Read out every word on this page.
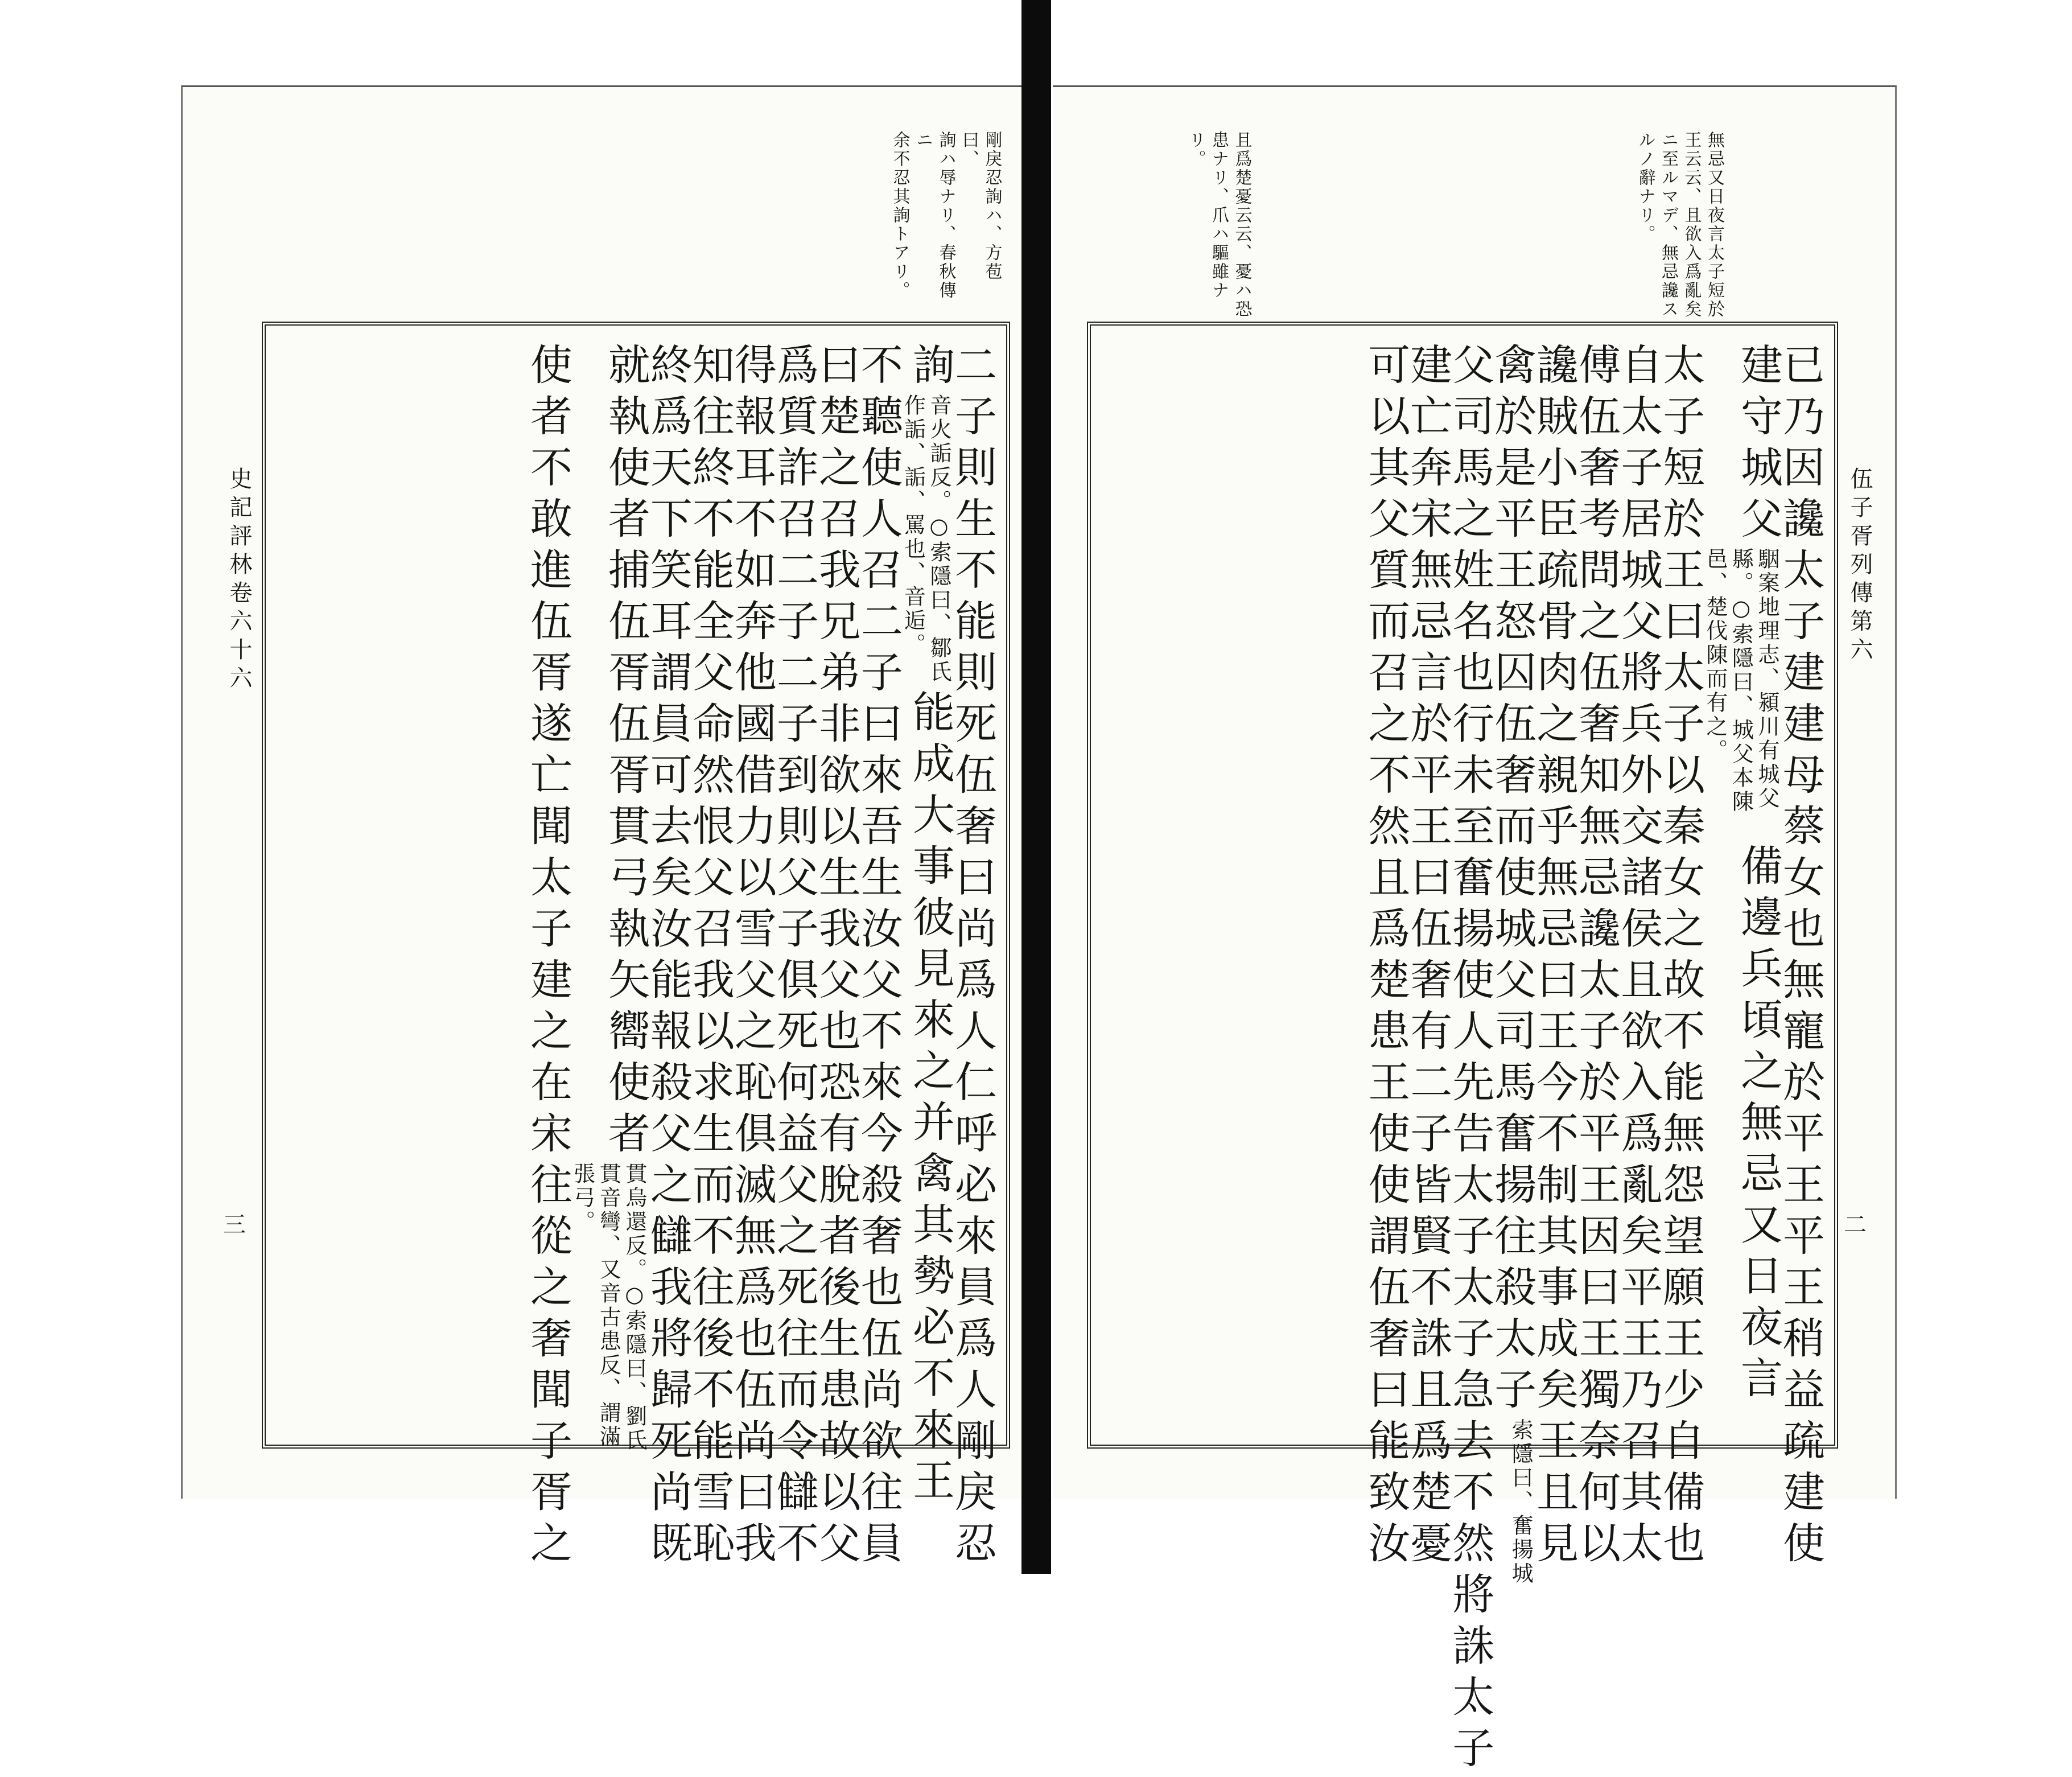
剛戾忍詢ハ、方苞曰、
詢ハ辱ナリ、春秋傳ニ
余不忍其詢トアリ。	且爲楚憂云云、憂ハ恐
患ナリ、爪ハ驅雖ナリ。	無忌又日夜言太子短於
王云云、且欲入爲亂矣
ニ至ルマデ、無忌讒ス
ルノ辭ナリ。
史記評林卷六十六
三
伍子胥列傳第六
二
二子則生不能則死伍奢曰尚爲人仁呼必來員爲人剛戾忍
詢音火詬反。○索隱曰、鄒氏作詬、詬、罵也、音逅。能成大事彼見來之并禽其勢必不來王
不聽使人召二子曰來吾生汝父不來今殺奢也伍尚欲往員
曰楚之召我兄弟非欲以生我父也恐有脫者後生患故以父
爲質詐召二子二子到則父子俱死何益父之死往而令讎不
得報耳不如奔他國借力以雪父之恥俱滅無爲也伍尚曰我
知往終不能全父命然恨父召我以求生而不往後不能雪恥
終爲天下笑耳謂員可去矣汝能報殺父之讎我將歸死尚既
就執使者捕伍胥伍胥貫弓執矢嚮使者貫烏還反。○索隱曰、劉氏貫音彎、又音古患反、謂滿張弓。
使者不敢進伍胥遂亡聞太子建之在宋往從之奢聞子胥之	已乃因讒太子建建母蔡女也無寵於平王平王稍益疏建使
建守城父駰案地理志、潁川有城父縣。○索隱曰、城父本陳邑、楚伐陳而有之。備邊兵頃之無忌又日夜言
太子短於王曰太子以秦女之故不能無怨望願王少自備也
自太子居城父將兵外交諸侯且欲入爲亂矣平王乃召其太
傅伍奢考問之伍奢知無忌讒太子於平王因曰王獨奈何以
讒賊小臣疏骨肉之親乎無忌曰王今不制其事成矣王且見
禽於是平王怒囚伍奢而使城父司馬奮揚往殺太子索隱曰、奮揚城
父司馬之姓名也行未至奮揚使人先告太子太子急去不然將誅太子
建亡奔宋無忌言於平王曰伍奢有二子皆賢不誅且爲楚憂
可以其父質而召之不然且爲楚患王使使謂伍奢曰能致汝
